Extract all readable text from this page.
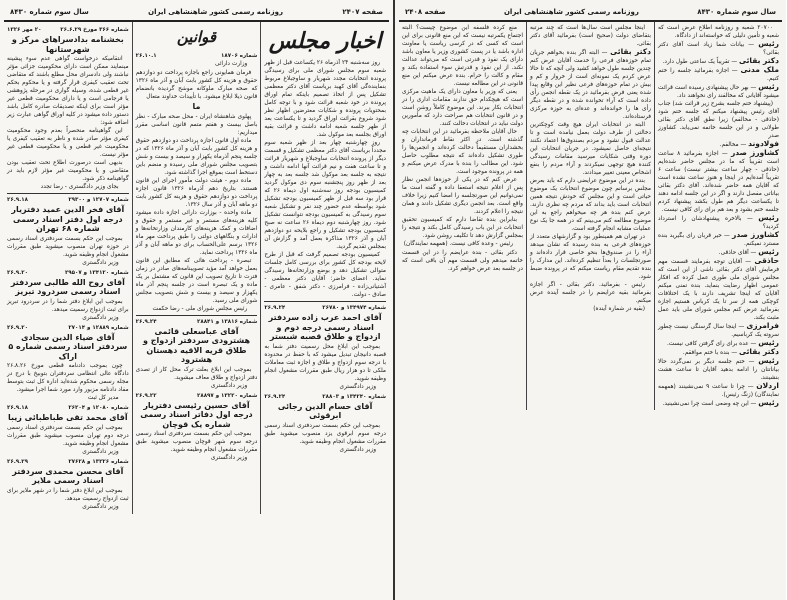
صفحه ۲۴۰۷
روزنامه رسمی کشور شاهنشاهی ایران
سال سوم شماره ۸۴۳۰
اخبار مجلس

روز سه‌شنبه ۲۴ آذرماه ۲۶ یکساعت قبل از ظهر شعبه سوم مجلس شورای ملی برای رسیدگی پرونده انتخابات مجدد شهریار و ساوجبلاغ مربوط بنماینده‌گی آقای کهبد بریاست آقای دکتر معظمی تشکیل پس از اتخاذ تصمیم باینکه تمام اوراق پرونده در خود شعبه قرائت شود و با توجه کامل بمحتویات پرونده و شکایات معترضین اظهار نظر شود شروع بقرائت اوراق گردید و تا یکساعت بعد از ظهر جلسه شعبه ادامه داشت و قرائت بقیه اوراق بجلسه بعد موکول شد.

روز چهارشنبه چهار بعد از ظهر شعبه سوم مجدداً بریاست آقای دکتر معظمی تشکیل و قسمت دیگر از پرونده انتخابات ساوجبلاغ و شهریار قرائت و تا ساعت هفت و نیم قرائت آنها ادامه داشت و نتیجه به جلسه بعد موکول شد جلسه بعد به چهار بعد از ظهر روز پنجشنبه سوم دی موکول گردید کمیسیون بودجه روز سه‌شنبه اول دیماه ۲۶ که قرار بود سه قبل از ظهر کمیسیون بودجه تشکیل شود بواسطه عدم حضور چند نفر و تشکیل شعبه سوم رسیدگی به کمیسیون بودجه نتوانست تشکیل شود. روز چهارشنبه دوم دیماه ۲۶ ساعت نه صبح کمیسیون بودجه تشکیل و راجع بلایحه دو دوازدهم آبان و آذر ۱۳۲۶ مذاکره بعمل آمد و گزارش آن بمجلس تقدیم گردید.

کمیسیون بودجه تصمیم گرفت که قبل از طرح لایحه بودجه کل کشور برای بررسی کامل جلسات متوالی تشکیل دهد و بوضع وزارتخانه‌ها رسیدگی نماید. اعضای حاضر: آقایان دکتر معظمی - آشتیانی‌زاده - فرامرزی - دکتر شفق - عامری - صادق - دولت.

شماره ۱۳۴۹۷۴ و ۲۶۷۸۰
۲۶.۹.۲۴
آقای احمد عرب زاده سردفتر اسناد رسمی درجه دوم و ازدواج و طلاق قصبه شبستر

بموجب این ابلاغ محل رسمیت دفتر شما به قصبه دانیجان تبدیل میشود که با حفظ در محدوده با درجه سوم ازدواج و طلاق و اجازه ثبت معاملات ملکی تا دو هزار ریال طبق مقررات مشغول انجام وظیفه شوید.

وزیر دادگستری
شماره ۱۳۴۲۴۰ و ۲۸۸۰۳
۲۶.۹.۲۴
آقای حسام الدین رجائی ابرقوئی

بموجب این حکم بسمت سردفتری اسناد رسمی درجه سوم ابرقوی یزد منصوب میشوید طبق مقررات مشغول انجام وظیفه شوید.

وزیر دادگستری
قوانین
شماره ۱۸۷۰۶
۲۶.۱۰.۱
وزارت دارائی

فرمان همایونی راجع باجازه پرداخت دو دوازدهم حقوق و هزینه کل کشور بابت آبان و آذر ماه ۱۳۲۶ که صحه مبارک ملوکانه موشح گردیده بانضمام قانون ذیلا ابلاغ میشود. با تأییدات خداوند متعال

ما

پهلوی شاهنشاه ایران - محل صحه مبارک - نظر باصل بیست و هفتم متمم قانون اساسی مقرر میداریم:

ماده اول قانون اجازه پرداخت دو دوازدهم حقوق و هزینه کل کشور بابت آبان و آذر ماه ۱۳۲۶ که در جلسه پنجم آذرماه یکهزار و سیصد و بیست و شش بتصویب مجلس شورای ملی رسیده و منضم باین دستخط است بموقع اجرا گذاشته شود.

ماده دوم - هیئت دولت مأمور اجرای این قانون هستند. بتاریخ دهم آذرماه ۱۳۲۶ قانون اجازه پرداخت دو دوازدهم حقوق و هزینه کل کشور بابت دو ماهه آبان و آذر سال ۱۳۲۶.

ماده واحده - بوزارت دارائی اجازه داده میشود کلیه هزینه‌های مستمر و غیر مستمر و حقوق و اضافات و کمک هزینه‌های کارمندان وزارتخانه‌ها و ادارات و بنگاههای دولتی را طبق پرداخت مهر ماه ۱۳۲۶ برسم علی‌الحساب برای دو ماهه آبان و آذر ماه ۱۳۲۶ پرداخت نماید.

تبصره - پرداخت هائی که مطابق این قانون بعمل خواهد آمد مؤید تصویبنامه‌های صادر در زمان فترت تا تاریخ تصویب این قانون که مشتمل بر یک ماده و یک تبصره است در جلسه پنجم آذر ماه یکهزار و سیصد و بیست و شش بتصویب مجلس شورای ملی رسید.

رئیس مجلس شورای ملی - رضا حکمت
شماره ۱۳۸۱۶ و ۲۸۸۴۱
۲۶.۹.۲۴
آقای عباسعلی قائمی هشترودی سردفتر ازدواج و طلاق قریه الاقیه دهستان هشترود

بموجب این ابلاغ بعلت ترک محل کار از تصدی دفتر ازدواج و طلاق معاف میشوید.

وزیر دادگستری
شماره ۱۳۲۲۰ و ۲۸۸۹۷
۲۶.۹.۲۲
آقای حسین رئیسی دفتریار درجه اول دفاتر اسناد رسمی شماره یک قوچان

بموجب این حکم بسمت سردفتری اسناد رسمی درجه سوم شهر قوچان منصوب میشوید طبق مقررات مشغول انجام وظیفه شوید.

وزیر دادگستری
شماره ۳۶۶ مورخ ۲۶.۶.۲۹
۲۰ مهر ۱۳۲۶
بخشنامه بدادسراهای مرکز و شهرستانها

انتقامیکه درخواست گواهی عدم سوء پیشینه مینمایند ممکن است دارای محکومیت جزائی مؤثر نباشند ولی دادسرای محل مطلع باشند که متقاضی تحت تعقیب کیفری قرار گرفته و یا محکوم بحکم غیر قطعی شده، وسیله گواری در مرحله پژوهشی یا فرجامی است و یا دارای محکومیت قطعی غیر مؤثر است برای اینکه تصدیقات صادره کامل باشد دستور داده میشود در کلیه اوراق گواهی عبارت زیر اضافه شود:

این گواهینامه منحصراً بعدم وجود محکومیت کیفری مؤثر صادر شده و ناظر به تعقیب کیفری یا محکومیت غیر قطعی و یا محکومیت قطعی غیر مؤثر نیست.

بدیهی است درصورت اطلاع تحت تعقیب بودن متقاضی و یا محکومیت غیر مؤثر لازم باید در گواهینامه ذکر شود.

بجای وزیر دادگستری - رضا تجدد
شماره ۱۲۷۰۷ و ۲۹۳۰۰
۲۶.۹.۱۸
آقای فخر الدین عمید دفتریار درجه اول دفتر اسناد رسمی شماره ۶۸ تهران

بموجب این حکم بسمت سردفتری اسناد رسمی در حوزه تهران منصوب میشوید طبق مقررات مشغول انجام وظیفه شوید.

وزیر دادگستری
شماره ۱۳۴۱۲۰ و ۲۹۵۰۷
۲۶.۹.۲۰
آقای روح الله طالبی سردفتر اسناد رسمی سردرود تبریز

بموجب این ابلاغ دفتر شما را در سردرود تبریز برای ثبت ازدواج رسمیت میدهد.

وزیر دادگستری
شماره ۱۲۸۸۹ و ۲۷۰۱۴
۲۶.۹.۲۰
آقای ضیاء الدین سجادی سردفتر اسناد رسمی شماره ۵ اراک

چون بموجب دادنامه قطعی مورخ ۲۶.۸.۲۶ دادگاه عالی انتظامی سردفتران بتوبیخ با درج در مجله رسمی محکوم شده‌اید اداره کل ثبت بتوسط مفاد دادنامه مزبور وارد مورد شما اجرا میشود.

مدیر کل ثبت
شماره ۱۲۰۸۰ و ۲۶۲۰۴
۲۶.۹.۱۸
آقای محمد تقی طباطبائی زیبا

بموجب این حکم بسمت سردفتری اسناد رسمی درجه دوم تهران منصوب میشوید طبق مقررات مشغول انجام وظیفه شوید.

وزیر دادگستری
شماره ۱۳۲۲۶ و ۲۷۶۲۸
۲۶.۹.۲۹
آقای محسن محمدی سردفتر اسناد رسمی ملایر

بموجب این ابلاغ دفتر شما را در شهر ملایر برای ثبت ازدواج رسمیت میدهد.

وزیر دادگستری
سال سوم شماره ۸۴۳۰
روزنامه رسمی کشور شاهنشاهی ایران
صفحه ۲۴۰۸

۲۰۷۰۰ شعبه و روزنامه اطلاع عرض است که شعبه و تأمین دلیلی که خواسته‌اند از دادگاه.

رئیس — بیانات شما زیاد است آقای دکتر بقائی؟

دکتر بقائی — تقریباً یک ساعتی طول دارد.

ملک مدنی — اجازه بفرمائید جلسه را ختم کنیم.

رئیس — بهر حال پیشنهادی رسیده است قرائت میشود آقایانی که مخالفند رای نخواهند داد.

(پیشنهاد ختم جلسه بشرح زیر قرائت شد) جناب آقای رئیس پیشنهاد میکنم که جلسه ختم شود (حاذقی - مخالفم) زیرا نطق آقای دکتر بقائی طولانی و در این جلسه خاتمه نمی‌یابد. کشاورز صدر

فولادوند — مخالفم.

کشاورز صدر — اجازه بفرمائید ۸ ساعت است تقریباً که ما در مجلس حاضر شده‌ایم (حاذقی - چهار ساعت بیشتر نیست) ساعت ۶ تقریباً آمده‌ایم در اینجا و هنوز ساعت نشده است که آقایان همه حاضر شده‌اند. آقای دکتر بقائی بیاناتی مفصل دارند و اگر در این جلسه ادامه دهند تا یکساعت دیگر هم طول بکشد پیشنهاد کردم جلسه ختم بشود و بعد هم برای رای کافی نیست.

رئیس — بالاخره پیشنهادشان را استرداد کردید؟

کشاورز صدر — خیر قربان رای بگیرید بنده مسترد نمیکنم.

رئیس — آقای حاذقی.

حاذقی — آقایان توجه بفرمایند قسمت مهم فرمایش آقای دکتر بقائی ناشی از این است که مجلس شورای ملی طوری عمل کرده که افکار عمومی اظهار رضایت بنماید. بنده تمنی میکنم آقایان که اینجا تشریف دارند با یک اختلافات کوچکی همه از سر تا یک کرباس هستیم اجازه بفرمائید عرض کنم مجلس شورای ملی باید عمل مثبت بکند.

فرامرزی — اینجا سال گرسنگی نیست چطور سروته یک کرباسیم.

رئیس — عده برای رای گرفتن کافی نیست.

دکتر بقائی — بنده با ختم موافقم.

رئیس — ختم جلسه دیگر بر نمی‌گردد حالا بیاناتتان را ادامه بدهید آقایان تا ساعت هشت بنشینند.

اردلان — چرا تا ساعت ۹ نمی‌نشینند (همهمه نمایندگان) (زنگ رئیس).

رئیس — این چه وضعی است چرا نمی‌نشینید.

اینجا مجلس است سال‌ها است که چند مرتبه بتقاضای دولت (صحیح است) بفرمائید آقای دکتر بقائی.

دکتر بقائی — البته اگر بنده بخواهم جریان تمام حوزه‌های فرعی را خدمت آقایان عرض کنم چندین جلسه طول خواهد کشید ولی آنچه که تا حالا عرض کردم یک نمونه‌ای است از خروار و کم و بیش در تمام حوزه‌های فرعی نظیر این وقایع پیدا شده یعنی فرض بفرمائید در یک نقطه انجمن رأی داده است که آراء تخوانده شده و در نقطه دیگر رأی ها را خوانده‌اند و عده‌ای به حوزه مرکزی فرستاده‌اند.

البته در انتخابات ایران هیچ وقت کوچکترین دخالتی از طرف دولت بعمل نیامده است و تا عدالت قبول نشود و مردم بصندوق‌ها اعتماد نکنند نتیجه‌ای حاصل نمیشود. در جریان انتخابات این دوره وقتی شکایات میرسید مقامات رسیدگی کننده هیچ توجهی نمیکردند و آراء مردم را بنفع اشخاص معینی تغییر میدادند.

بنده در این موضوع عرایضی دارم که باید بعرض مجلس برسانم چون موضوع انتخابات یک موضوع حیاتی است و این مجلس که خودش نتیجه همین انتخابات است باید بداند که مردم چه نظری دارند. عرض کنم بنده هر چه میخواهم راجع به این موضوع مطالعه کنم می‌بینم که در همه جا یک نوع عملیات مشابه انجام گرفته است.

در تهران هم همینطور بود و گزارشهای متعدد از حوزه‌های فرعی به بنده رسیده که نشان میدهد آراء را در صندوق‌ها بنحو خاصی قرار داده‌اند و صورتجلسات را بعداً تنظیم کرده‌اند. این مدارک را بنده تقدیم مقام ریاست میکنم که در پرونده ضبط شود.

رئیس - بفرمائید. دکتر بقائی - اگر اجازه بفرمائید بقیه عرایضم را در جلسه آینده عرض میکنم.

(بقیه در شماره آینده)

منع کرده فلسفه این موضوع چیست؟ البته اجتماع یکمرتبه نیست که این منع قانونی برای این است که کسی که در کرسی ریاست یا معاونت اداره باشد یا در پست کشوری وزیر یا معاون باشد دارای یک نفوذ و قدرتی است که می‌تواند عدالت نکند. از این نفوذ و قدرتش سوء استفاده بکند و مقام و کالت را حرام. بنده عرض میکنم این منع قانونی در این مطالعه نیست.

یعنی که وزیر یا معاون دارای یک ماهیت مرکزی است که هیچکدام حق ندارند مقامات اداری را در انتخابات بکار ببرند. این موضوع کاملاً روشن است و در قانون انتخابات هم صراحت دارد که مأمورین دولت نباید در انتخابات دخالت کنند.

حال آقایان ملاحظه بفرمائید در این انتخابات چه گذشته است. در اکثر نقاط فرمانداران و بخشداران مستقیماً دخالت کرده‌اند و انجمن‌ها را طوری تشکیل داده‌اند که نتیجه مطلوب حاصل شود. این مطالب را بنده با مدرک عرض میکنم و همه در پرونده موجود است.

عرض کنم که در یکی از حوزه‌ها انجمن نظار پس از اعلام نتیجه استعفا داده و گفته است ما نمی‌توانیم این صورتجلسه را امضا کنیم زیرا خلاف واقع است. بعد انجمن دیگری تشکیل دادند و همان نتیجه را اعلام کردند.

بنابراین بنده تقاضا دارم که کمیسیون تحقیق انتخابات در این باب رسیدگی کامل بکند و نتیجه را بمجلس گزارش دهد تا تکلیف روشن شود.

رئیس - وعده کافی نیست. (همهمه نمایندگان)

دکتر بقائی - بنده عرایضم را در این قسمت خاتمه میدهم ولی قسمت مهم آن باقی است که در جلسه بعد عرض خواهم کرد.
